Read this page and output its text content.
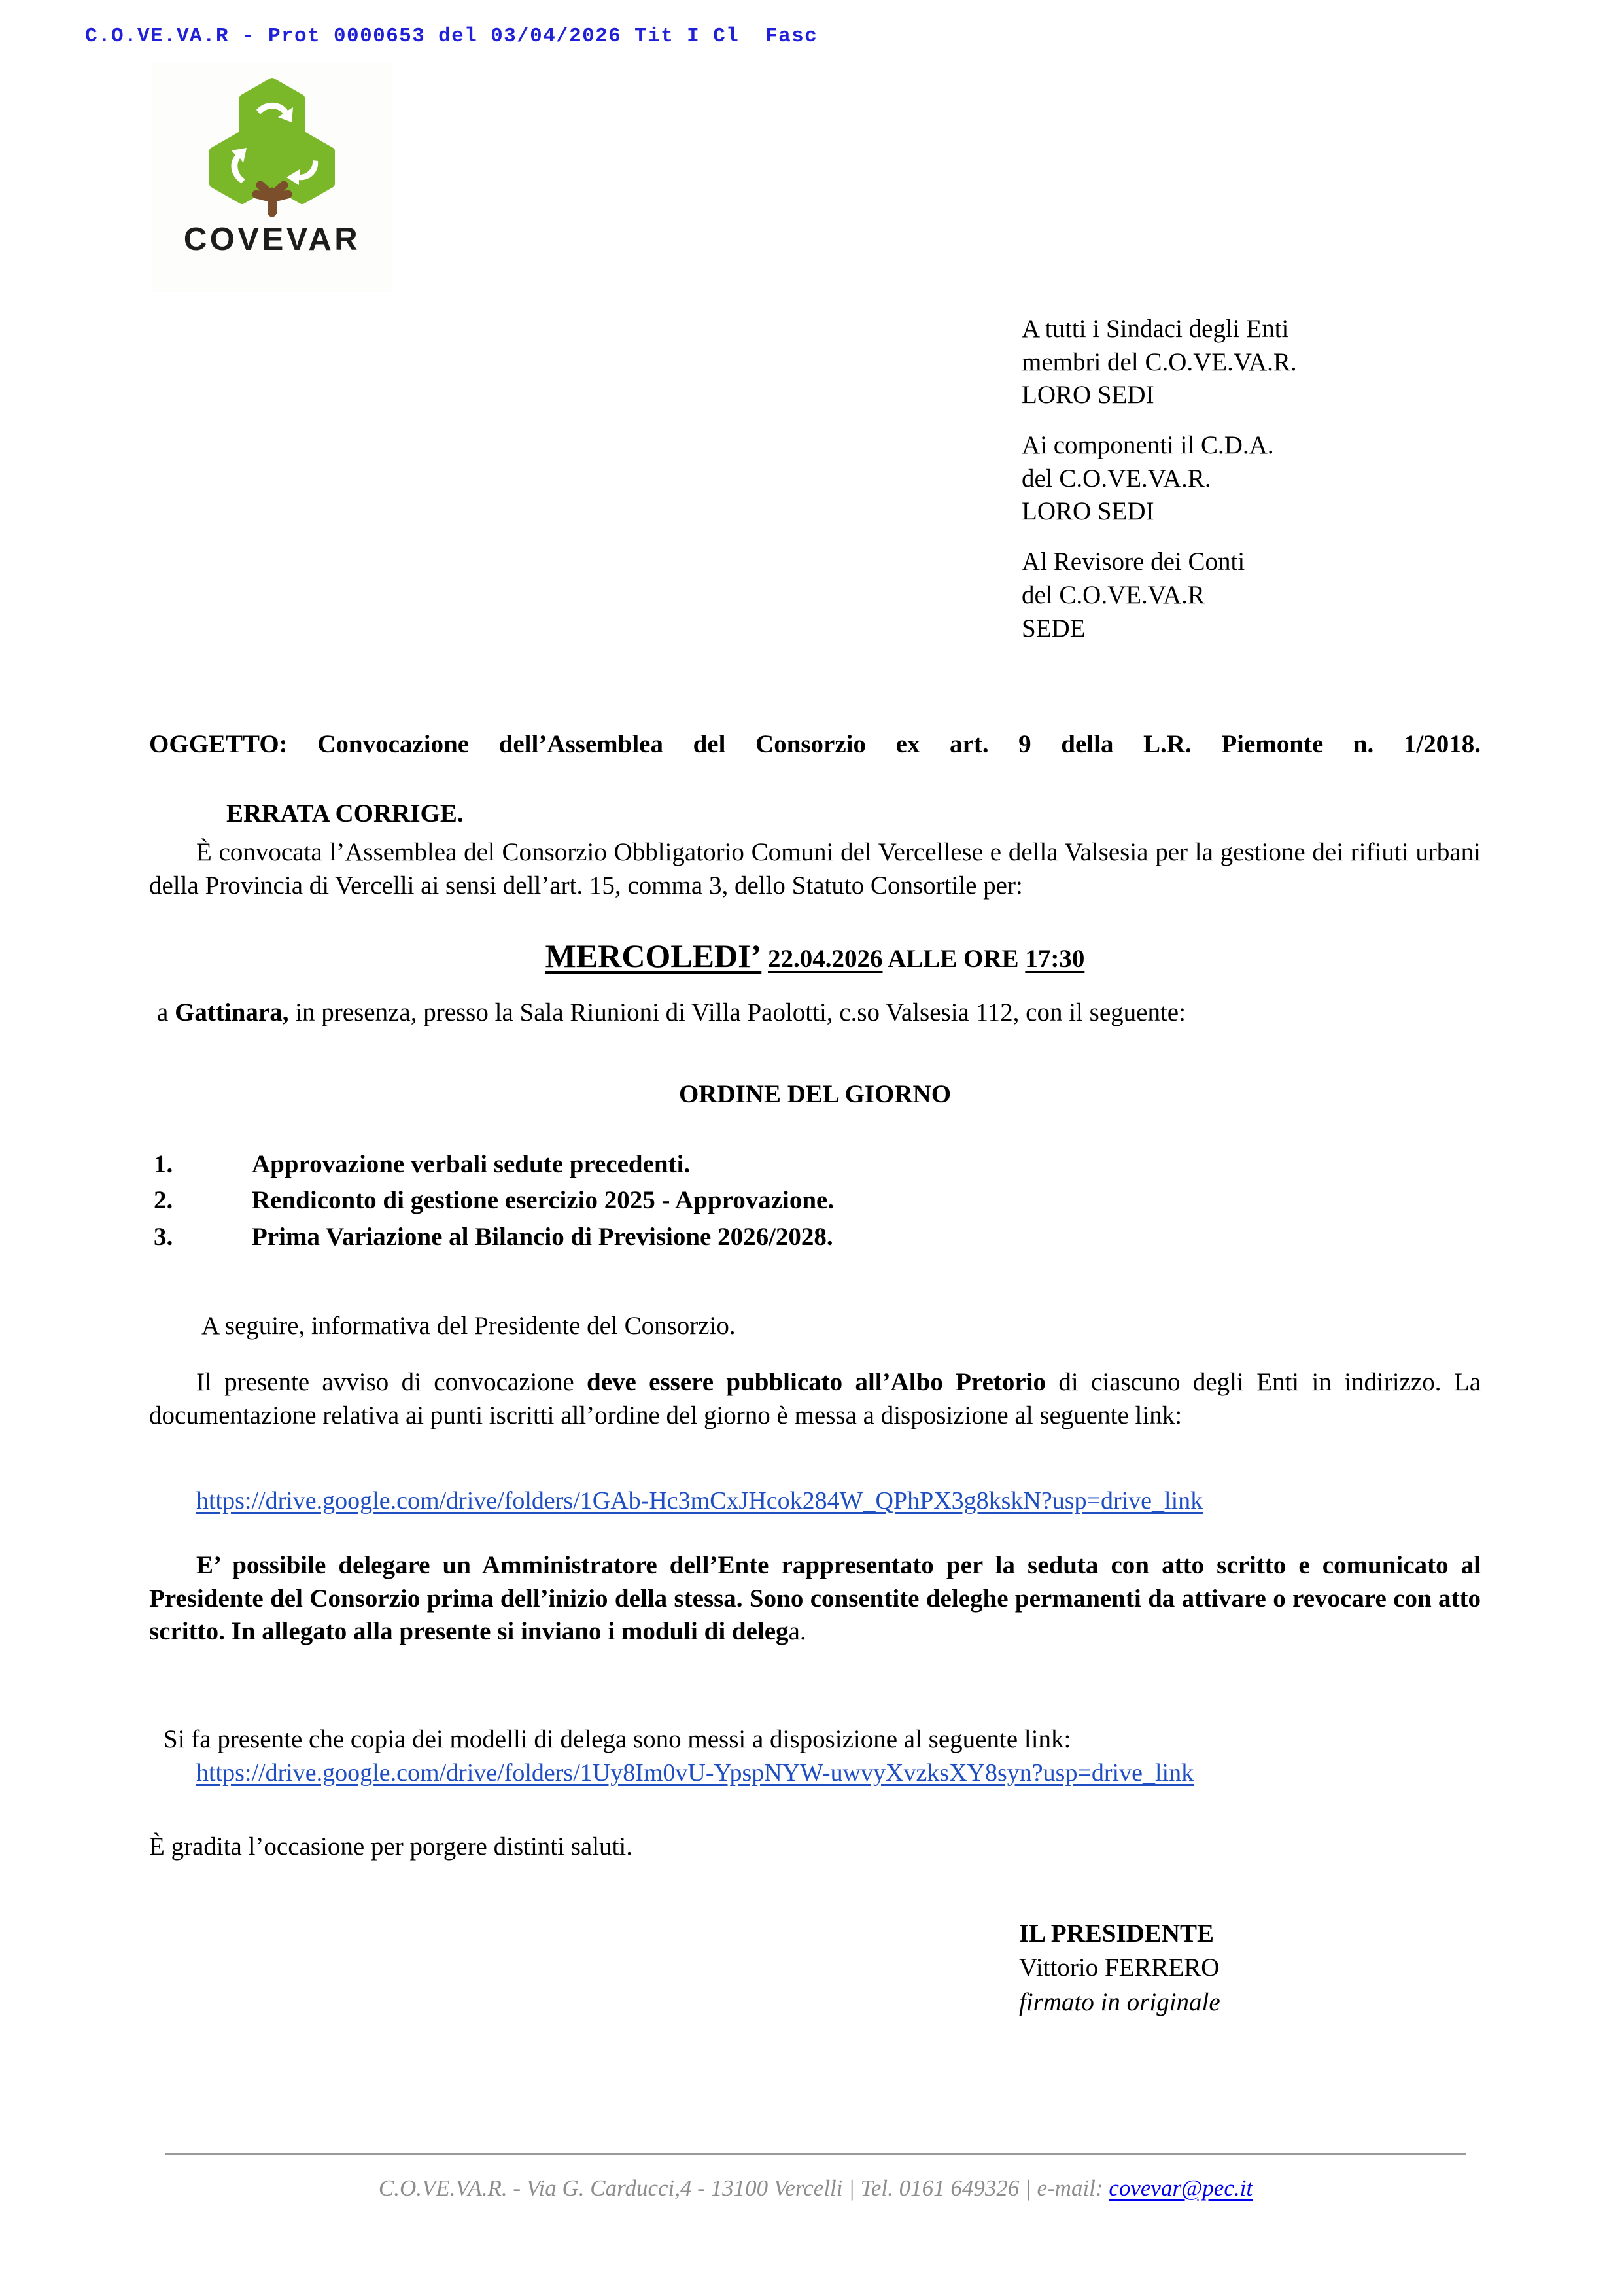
C.O.VE.VA.R - Prot 0000653 del 03/04/2026 Tit I Cl  Fasc
COVEVAR
A tutti i Sindaci degli Enti
membri del C.O.VE.VA.R.
LORO SEDI
Ai componenti il C.D.A.
del C.O.VE.VA.R.
LORO SEDI
Al Revisore dei Conti
del C.O.VE.VA.R
SEDE
OGGETTO: Convocazione dell’Assemblea del Consorzio ex art. 9 della L.R. Piemonte n. 1/2018.
ERRATA CORRIGE.
È convocata l’Assemblea del Consorzio Obbligatorio Comuni del Vercellese e della Valsesia per la gestione dei rifiuti urbani della Provincia di Vercelli ai sensi dell’art. 15, comma 3, dello Statuto Consortile per:
MERCOLEDI’ 22.04.2026 ALLE ORE 17:30
a Gattinara, in presenza, presso la Sala Riunioni di Villa Paolotti, c.so Valsesia 112, con il seguente:
ORDINE DEL GIORNO
1.	Approvazione verbali sedute precedenti.
2.	Rendiconto di gestione esercizio 2025 - Approvazione.
3.	Prima Variazione al Bilancio di Previsione 2026/2028.
A seguire, informativa del Presidente del Consorzio.
Il presente avviso di convocazione deve essere pubblicato all’Albo Pretorio di ciascuno degli Enti in indirizzo. La documentazione relativa ai punti iscritti all’ordine del giorno è messa a disposizione al seguente link:
https://drive.google.com/drive/folders/1GAb-Hc3mCxJHcok284W_QPhPX3g8kskN?usp=drive_link
E’ possibile delegare un Amministratore dell’Ente rappresentato per la seduta con atto scritto e comunicato al Presidente del Consorzio prima dell’inizio della stessa. Sono consentite deleghe permanenti da attivare o revocare con atto scritto. In allegato alla presente si inviano i moduli di delega.
Si fa presente che copia dei modelli di delega sono messi a disposizione al seguente link:
https://drive.google.com/drive/folders/1Uy8Im0vU-YpspNYW-uwvyXvzksXY8syn?usp=drive_link
È gradita l’occasione per porgere distinti saluti.
IL PRESIDENTE
Vittorio FERRERO
firmato in originale
C.O.VE.VA.R. - Via G. Carducci,4 - 13100 Vercelli | Tel. 0161 649326 | e-mail: covevar@pec.it
